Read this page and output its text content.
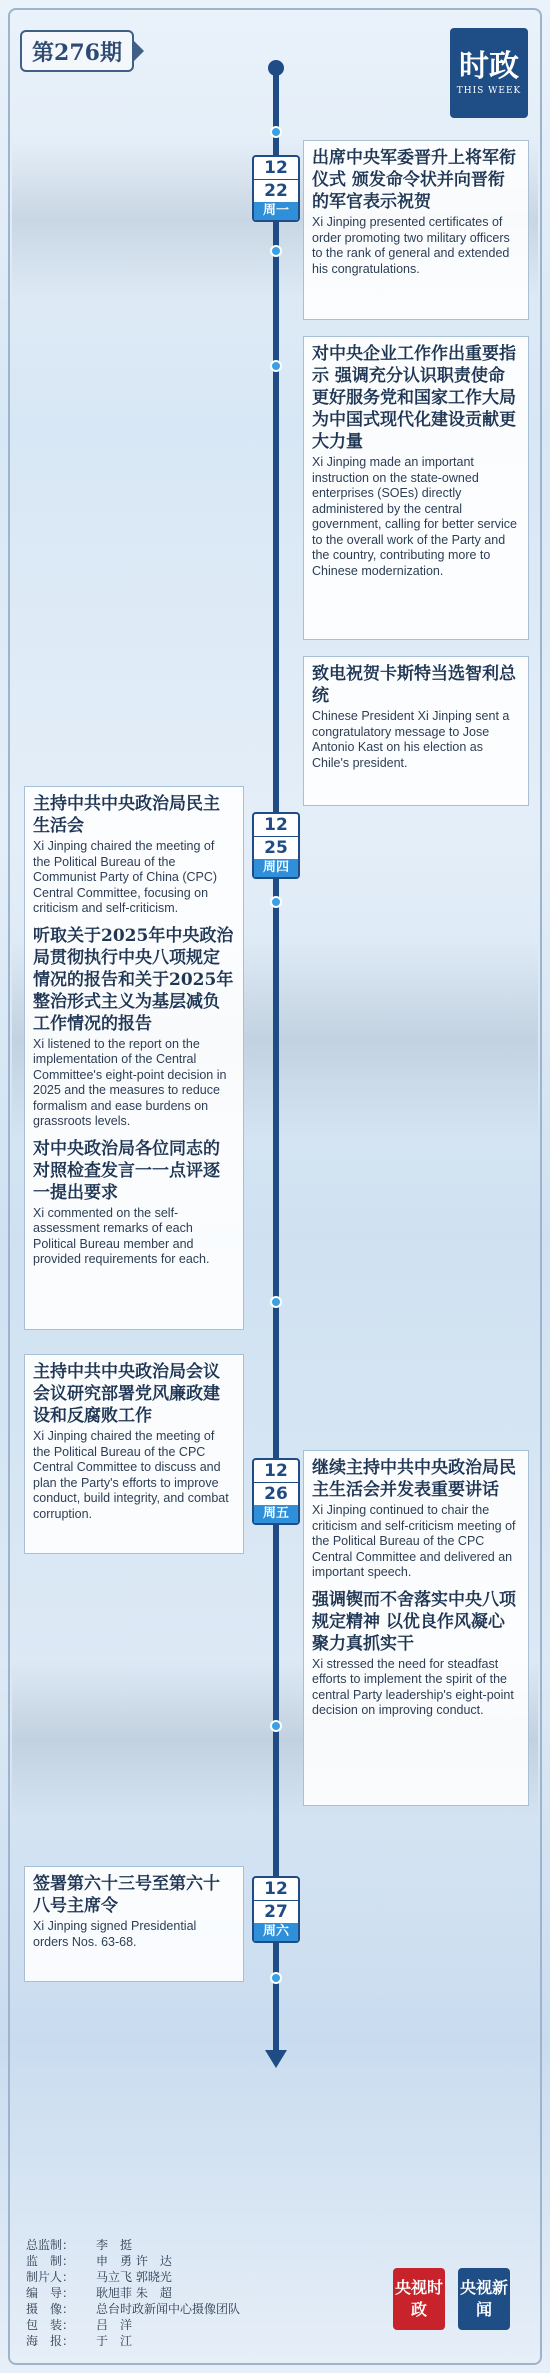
第276期	时政
THIS WEEK
12
22
周一
12
25
周四
12
26
周五
12
27
周六

出席中央军委晋升上将军衔仪式 颁发命令状并向晋衔的军官表示祝贺

Xi Jinping presented certificates of order promoting two military officers to the rank of general and extended his congratulations.

对中央企业工作作出重要指示 强调充分认识职责使命更好服务党和国家工作大局 为中国式现代化建设贡献更大力量

Xi Jinping made an important instruction on the state-owned enterprises (SOEs) directly administered by the central government, calling for better service to the overall work of the Party and the country, contributing more to Chinese modernization.

致电祝贺卡斯特当选智利总统

Chinese President Xi Jinping sent a congratulatory message to Jose Antonio Kast on his election as Chile's president.

主持中共中央政治局民主生活会

Xi Jinping chaired the meeting of the Political Bureau of the Communist Party of China (CPC) Central Committee, focusing on criticism and self-criticism.

听取关于2025年中央政治局贯彻执行中央八项规定情况的报告和关于2025年整治形式主义为基层减负工作情况的报告

Xi listened to the report on the implementation of the Central Committee's eight-point decision in 2025 and the measures to reduce formalism and ease burdens on grassroots levels.

对中央政治局各位同志的对照检查发言一一点评逐一提出要求

Xi commented on the self-assessment remarks of each Political Bureau member and provided requirements for each.

主持中共中央政治局会议会议研究部署党风廉政建设和反腐败工作

Xi Jinping chaired the meeting of the Political Bureau of the CPC Central Committee to discuss and plan the Party's efforts to improve conduct, build integrity, and combat corruption.

继续主持中共中央政治局民主生活会并发表重要讲话

Xi Jinping continued to chair the criticism and self-criticism meeting of the Political Bureau of the CPC Central Committee and delivered an important speech.

强调锲而不舍落实中央八项规定精神 以优良作风凝心聚力真抓实干

Xi stressed the need for steadfast efforts to implement the spirit of the central Party leadership's eight-point decision on improving conduct.

签署第六十三号至第六十八号主席令

Xi Jinping signed Presidential orders Nos. 63-68.

总监制：	李　挺
监　制：	申　勇 许　达
制片人：	马立飞 郭晓光
编　导：	耿旭菲 朱　超
摄　像：	总台时政新闻中心摄像团队
包　装：	吕　洋
海　报：	于　江
央视时政
央视新闻
